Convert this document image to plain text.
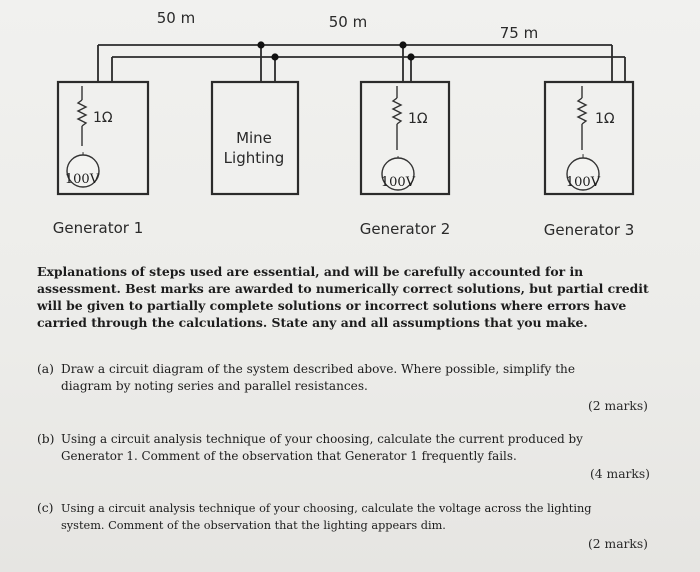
50 m	50 m
75 m
1Ω
100V
Mine
Lighting
1Ω
100V
1Ω
100V
Generator 1	Generator 2	Generator 3
Explanations of steps used are essential, and will be carefully accounted for in
assessment. Best marks are awarded to numerically correct solutions, but partial credit
will be given to partially complete solutions or incorrect solutions where errors have
carried through the calculations. State any and all assumptions that you make.
(a) Draw a circuit diagram of the system described above. Where possible, simplify the
diagram by noting series and parallel resistances.
(2 marks)
(b) Using a circuit analysis technique of your choosing, calculate the current produced by
Generator 1. Comment of the observation that Generator 1 frequently fails.
(4 marks)
(c) Using a circuit analysis technique of your choosing, calculate the voltage across the lighting
system. Comment of the observation that the lighting appears dim.
(2 marks)
